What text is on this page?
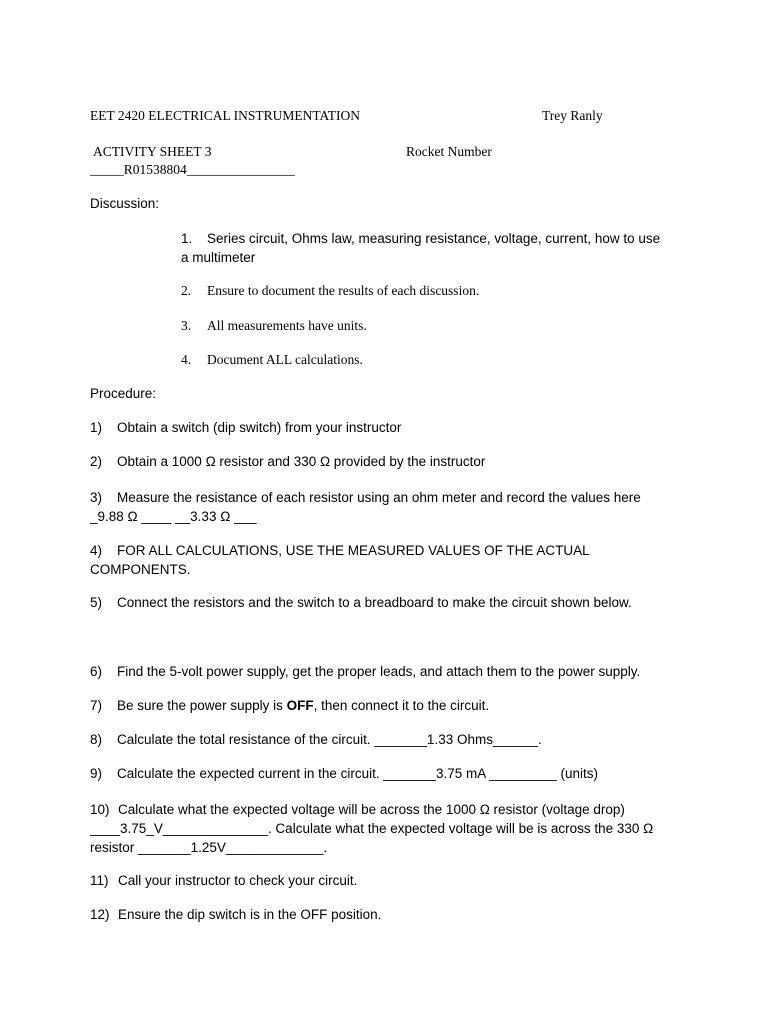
EET 2420 ELECTRICAL INSTRUMENTATION	Trey Ranly
ACTIVITY SHEET 3	Rocket Number
_____R01538804________________
Discussion:
1. Series circuit, Ohms law, measuring resistance, voltage, current, how to use
a multimeter
2. Ensure to document the results of each discussion.
3. All measurements have units.
4. Document ALL calculations.
Procedure:
1) Obtain a switch (dip switch) from your instructor
2) Obtain a 1000 Ω resistor and 330 Ω provided by the instructor
3) Measure the resistance of each resistor using an ohm meter and record the values here
_9.88 Ω ____ __3.33 Ω ___
4) FOR ALL CALCULATIONS, USE THE MEASURED VALUES OF THE ACTUAL
COMPONENTS.
5) Connect the resistors and the switch to a breadboard to make the circuit shown below.
6) Find the 5-volt power supply, get the proper leads, and attach them to the power supply.
7) Be sure the power supply is OFF, then connect it to the circuit.
8) Calculate the total resistance of the circuit. _______1.33 Ohms______.
9) Calculate the expected current in the circuit. _______3.75 mA _________ (units)
10) Calculate what the expected voltage will be across the 1000 Ω resistor (voltage drop)
____3.75_V______________. Calculate what the expected voltage will be is across the 330 Ω
resistor _______1.25V_____________.
11) Call your instructor to check your circuit.
12) Ensure the dip switch is in the OFF position.
